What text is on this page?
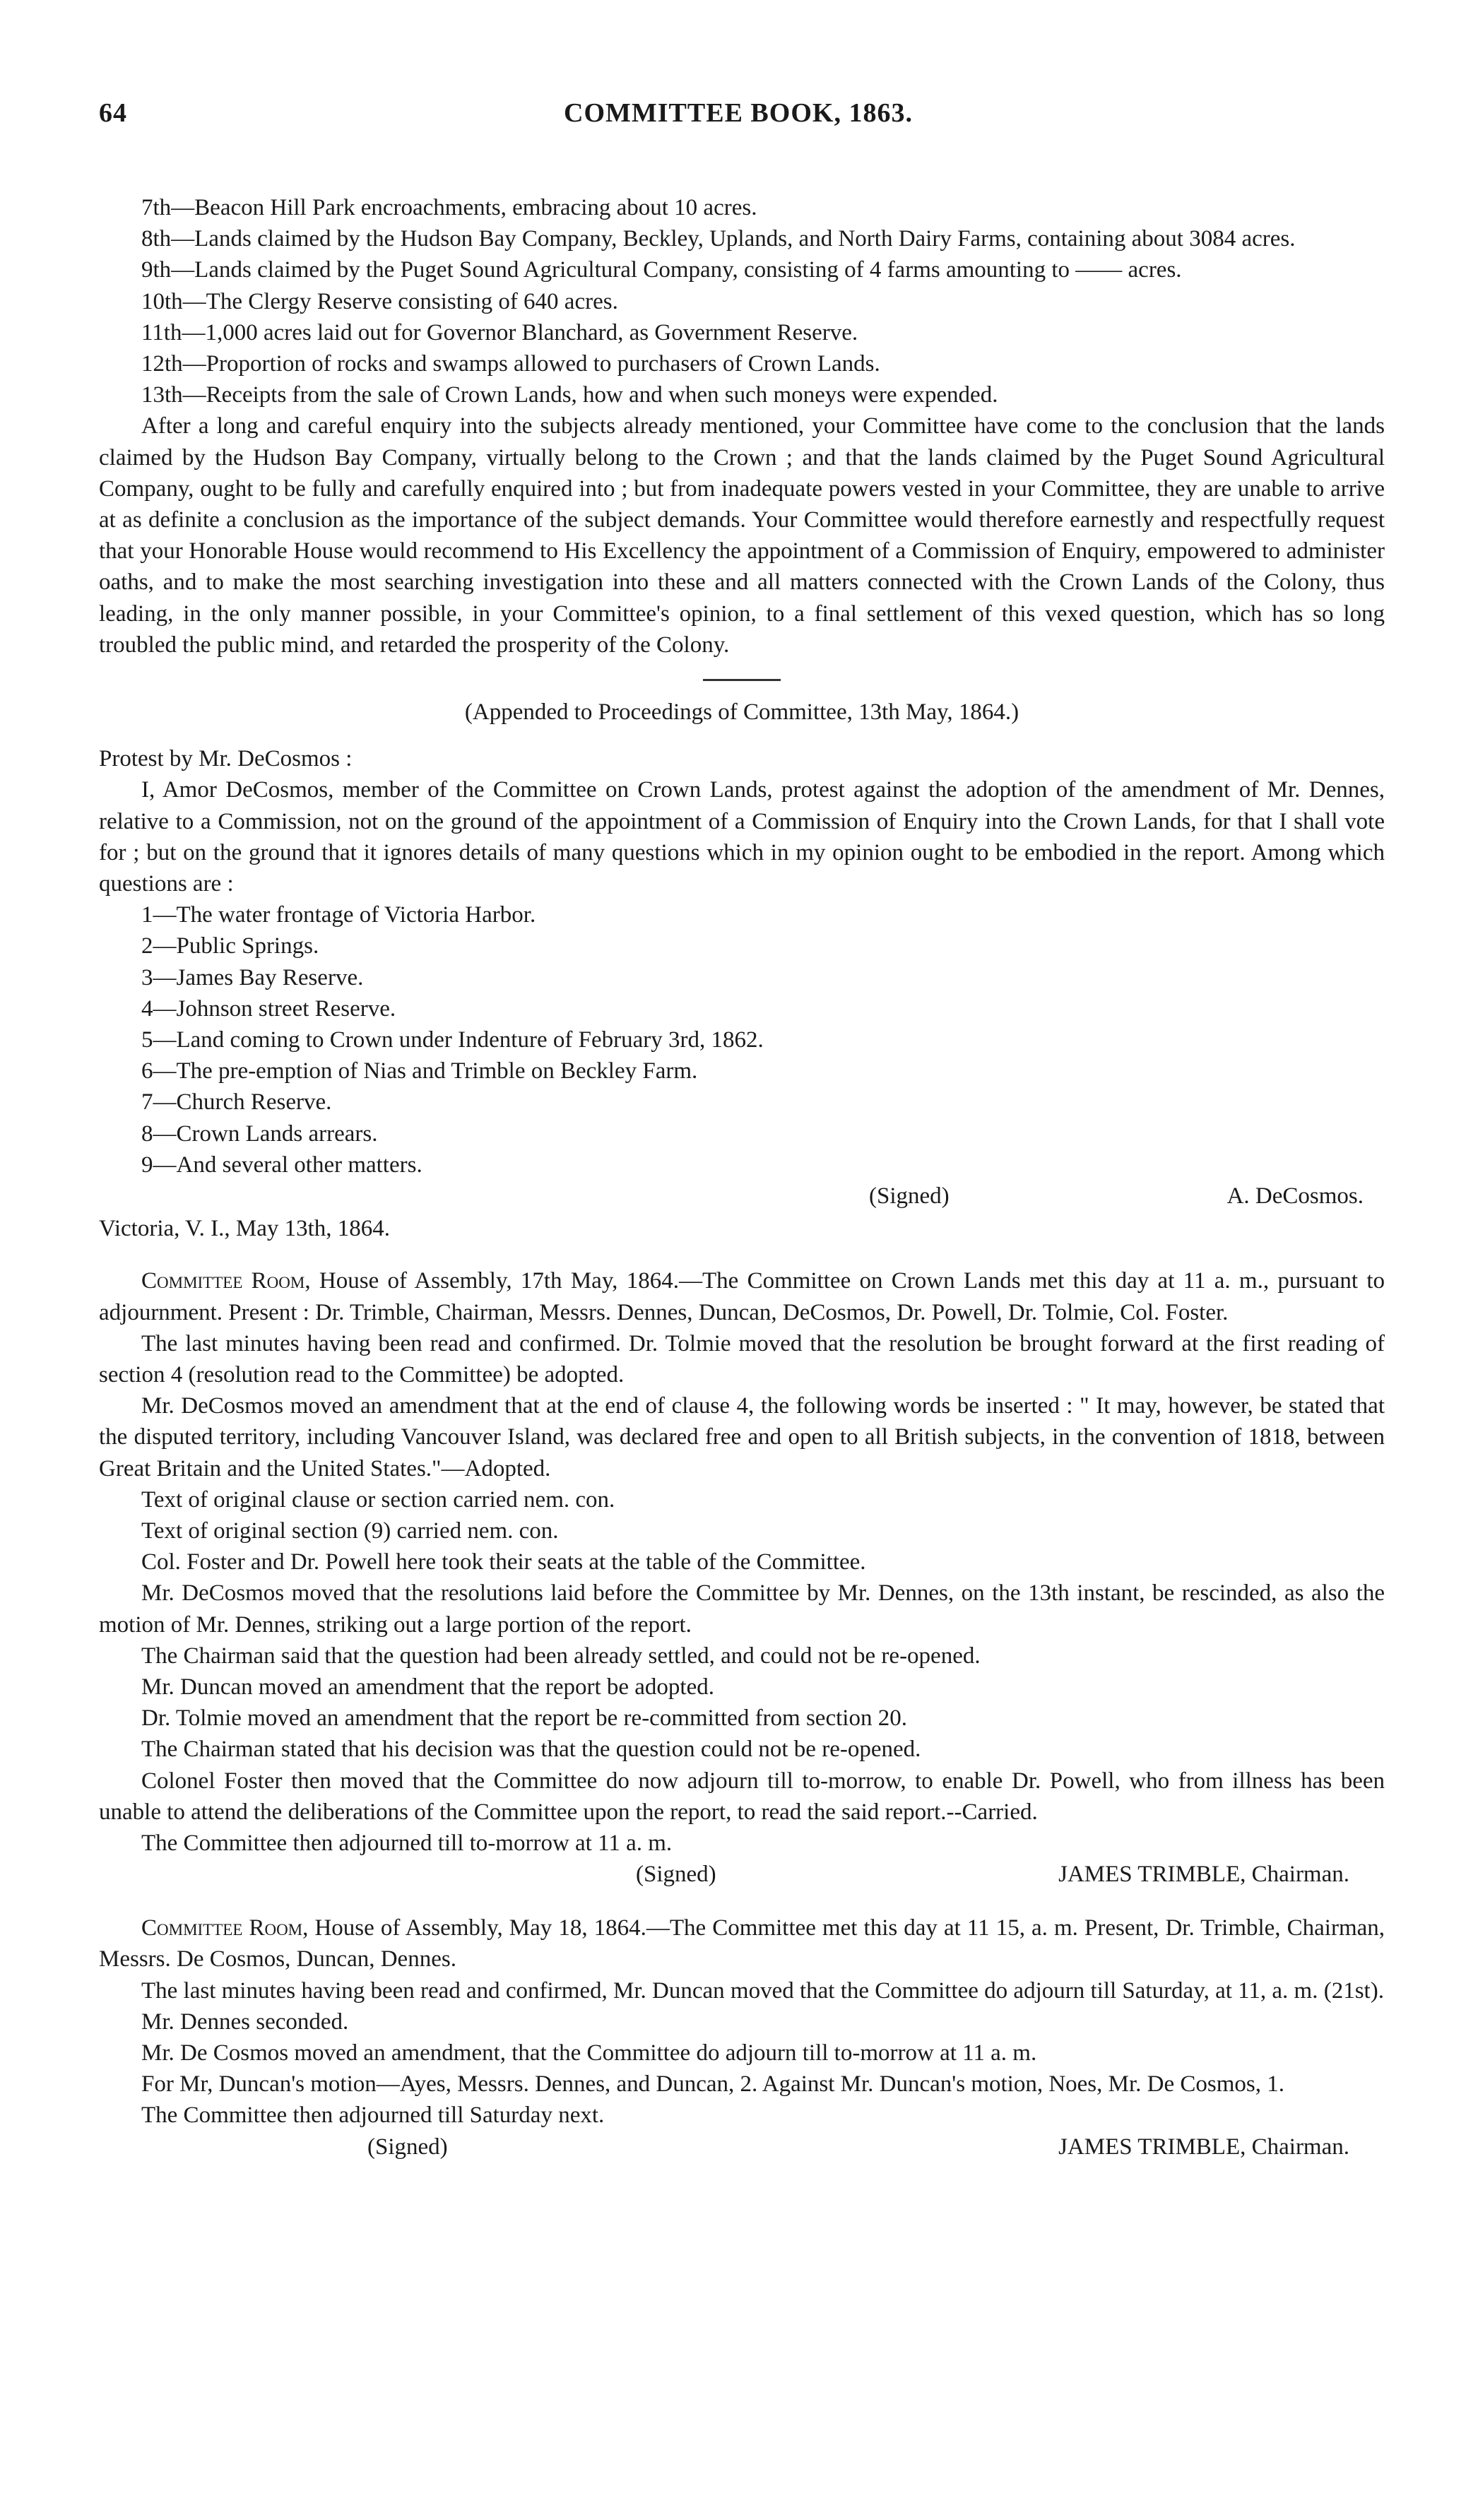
64	COMMITTEE BOOK, 1863.

7th—Beacon Hill Park encroachments, embracing about 10 acres.

8th—Lands claimed by the Hudson Bay Company, Beckley, Uplands, and North Dairy Farms, containing about 3084 acres.

9th—Lands claimed by the Puget Sound Agricultural Company, consisting of 4 farms amounting to —— acres.

10th—The Clergy Reserve consisting of 640 acres.

11th—1,000 acres laid out for Governor Blanchard, as Government Reserve.

12th—Proportion of rocks and swamps allowed to purchasers of Crown Lands.

13th—Receipts from the sale of Crown Lands, how and when such moneys were expended.

After a long and careful enquiry into the subjects already mentioned, your Committee have come to the conclusion that the lands claimed by the Hudson Bay Company, virtually belong to the Crown ; and that the lands claimed by the Puget Sound Agricultural Company, ought to be fully and carefully enquired into ; but from inadequate powers vested in your Committee, they are unable to arrive at as definite a conclusion as the importance of the subject demands. Your Committee would therefore earnestly and respectfully request that your Honorable House would recommend to His Excellency the appointment of a Commission of Enquiry, empowered to administer oaths, and to make the most searching investigation into these and all matters connected with the Crown Lands of the Colony, thus leading, in the only manner possible, in your Committee's opinion, to a final settlement of this vexed question, which has so long troubled the public mind, and retarded the prosperity of the Colony.

(Appended to Proceedings of Committee, 13th May, 1864.)

Protest by Mr. DeCosmos :

I, Amor DeCosmos, member of the Committee on Crown Lands, protest against the adoption of the amendment of Mr. Dennes, relative to a Commission, not on the ground of the appointment of a Commission of Enquiry into the Crown Lands, for that I shall vote for ; but on the ground that it ignores details of many questions which in my opinion ought to be embodied in the report. Among which questions are :

1—The water frontage of Victoria Harbor.

2—Public Springs.

3—James Bay Reserve.

4—Johnson street Reserve.

5—Land coming to Crown under Indenture of February 3rd, 1862.

6—The pre-emption of Nias and Trimble on Beckley Farm.

7—Church Reserve.

8—Crown Lands arrears.

9—And several other matters.

(Signed)	A. DeCosmos.

Victoria, V. I., May 13th, 1864.

Committee Room, House of Assembly, 17th May, 1864.—The Committee on Crown Lands met this day at 11 a. m., pursuant to adjournment. Present : Dr. Trimble, Chairman, Messrs. Dennes, Duncan, DeCosmos, Dr. Powell, Dr. Tolmie, Col. Foster.

The last minutes having been read and confirmed. Dr. Tolmie moved that the resolution be brought forward at the first reading of section 4 (resolution read to the Committee) be adopted.

Mr. DeCosmos moved an amendment that at the end of clause 4, the following words be inserted : " It may, however, be stated that the disputed territory, including Vancouver Island, was declared free and open to all British subjects, in the convention of 1818, between Great Britain and the United States."—Adopted.

Text of original clause or section carried nem. con.

Text of original section (9) carried nem. con.

Col. Foster and Dr. Powell here took their seats at the table of the Committee.

Mr. DeCosmos moved that the resolutions laid before the Committee by Mr. Dennes, on the 13th instant, be rescinded, as also the motion of Mr. Dennes, striking out a large portion of the report.

The Chairman said that the question had been already settled, and could not be re-opened.

Mr. Duncan moved an amendment that the report be adopted.

Dr. Tolmie moved an amendment that the report be re-committed from section 20.

The Chairman stated that his decision was that the question could not be re-opened.

Colonel Foster then moved that the Committee do now adjourn till to-morrow, to enable Dr. Powell, who from illness has been unable to attend the deliberations of the Committee upon the report, to read the said report.--Carried.

The Committee then adjourned till to-morrow at 11 a. m.

(Signed)	JAMES TRIMBLE, Chairman.

Committee Room, House of Assembly, May 18, 1864.—The Committee met this day at 11 15, a. m. Present, Dr. Trimble, Chairman, Messrs. De Cosmos, Duncan, Dennes.

The last minutes having been read and confirmed, Mr. Duncan moved that the Committee do adjourn till Saturday, at 11, a. m. (21st).

Mr. Dennes seconded.

Mr. De Cosmos moved an amendment, that the Committee do adjourn till to-morrow at 11 a. m.

For Mr, Duncan's motion—Ayes, Messrs. Dennes, and Duncan, 2. Against Mr. Duncan's motion, Noes, Mr. De Cosmos, 1.

The Committee then adjourned till Saturday next.

(Signed)	JAMES TRIMBLE, Chairman.
